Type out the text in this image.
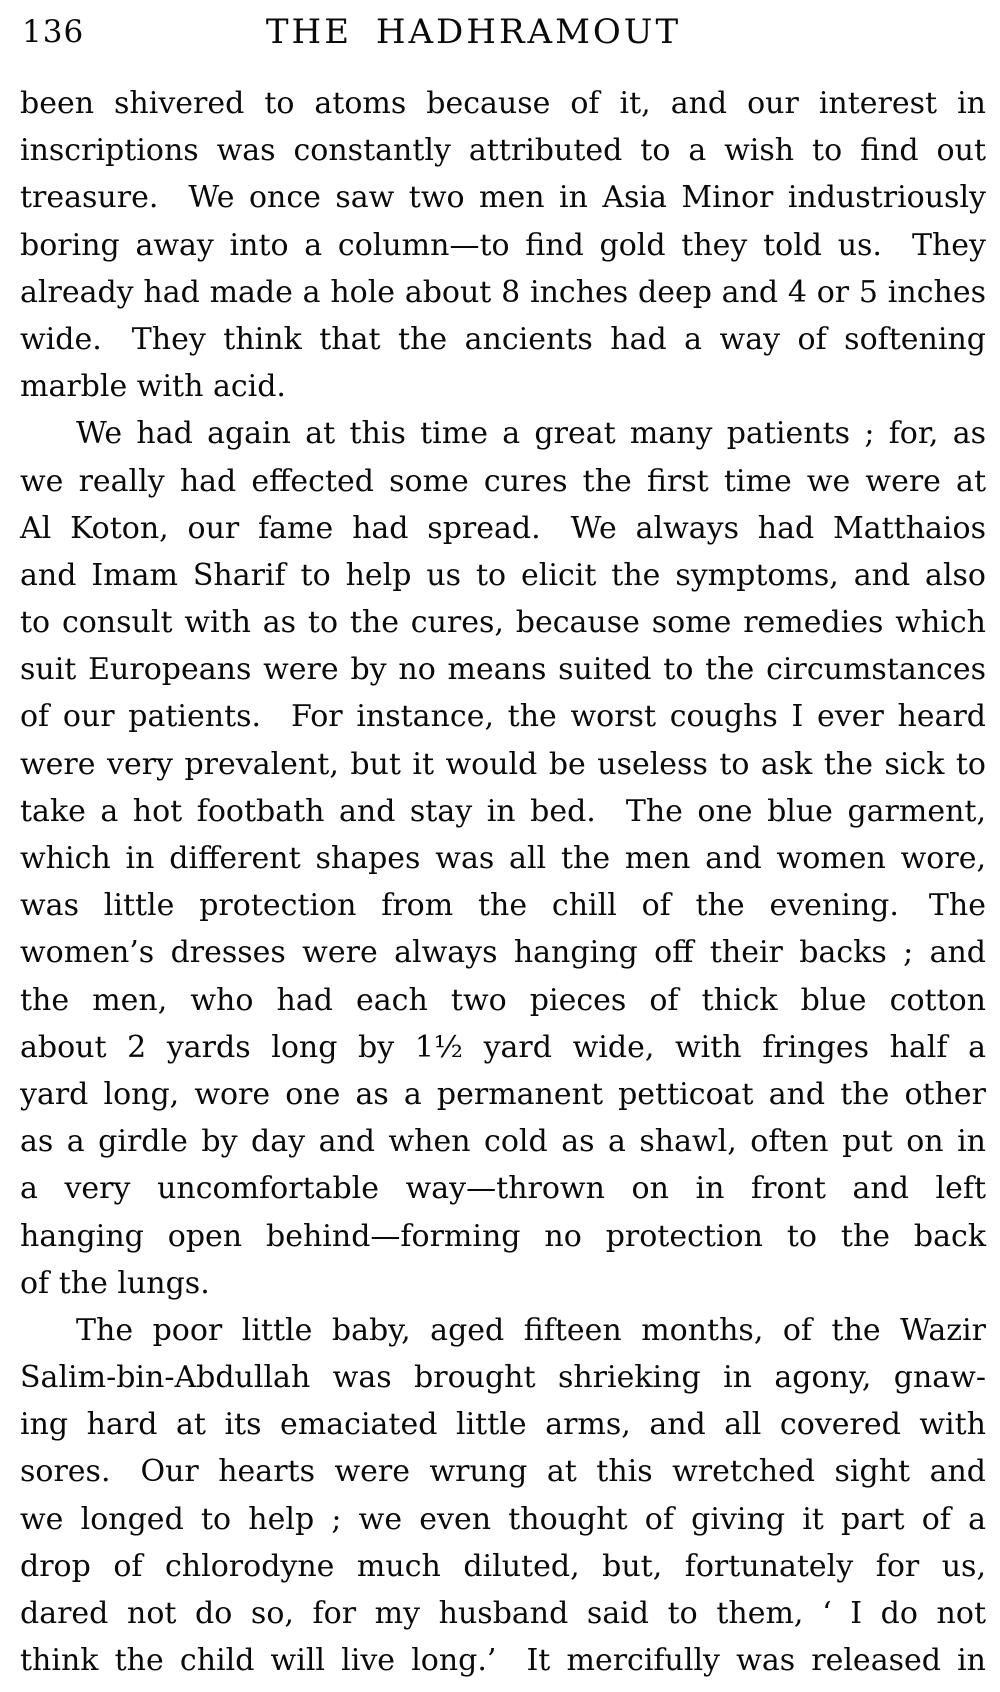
136	THE HADHRAMOUT
been shivered to atoms because of it, and our interest in
inscriptions was constantly attributed to a wish to find out
treasure. We once saw two men in Asia Minor industriously
boring away into a column—to find gold they told us. They
already had made a hole about 8 inches deep and 4 or 5 inches
wide. They think that the ancients had a way of softening
marble with acid.
We had again at this time a great many patients ; for, as
we really had effected some cures the first time we were at
Al Koton, our fame had spread. We always had Matthaios
and Imam Sharif to help us to elicit the symptoms, and also
to consult with as to the cures, because some remedies which
suit Europeans were by no means suited to the circumstances
of our patients. For instance, the worst coughs I ever heard
were very prevalent, but it would be useless to ask the sick to
take a hot footbath and stay in bed. The one blue garment,
which in different shapes was all the men and women wore,
was little protection from the chill of the evening. The
women’s dresses were always hanging off their backs ; and
the men, who had each two pieces of thick blue cotton
about 2 yards long by 1½ yard wide, with fringes half a
yard long, wore one as a permanent petticoat and the other
as a girdle by day and when cold as a shawl, often put on in
a very uncomfortable way—thrown on in front and left
hanging open behind—forming no protection to the back
of the lungs.
The poor little baby, aged fifteen months, of the Wazir
Salim-bin-Abdullah was brought shrieking in agony, gnaw-
ing hard at its emaciated little arms, and all covered with
sores. Our hearts were wrung at this wretched sight and
we longed to help ; we even thought of giving it part of a
drop of chlorodyne much diluted, but, fortunately for us,
dared not do so, for my husband said to them, ‘ I do not
think the child will live long.’ It mercifully was released in
